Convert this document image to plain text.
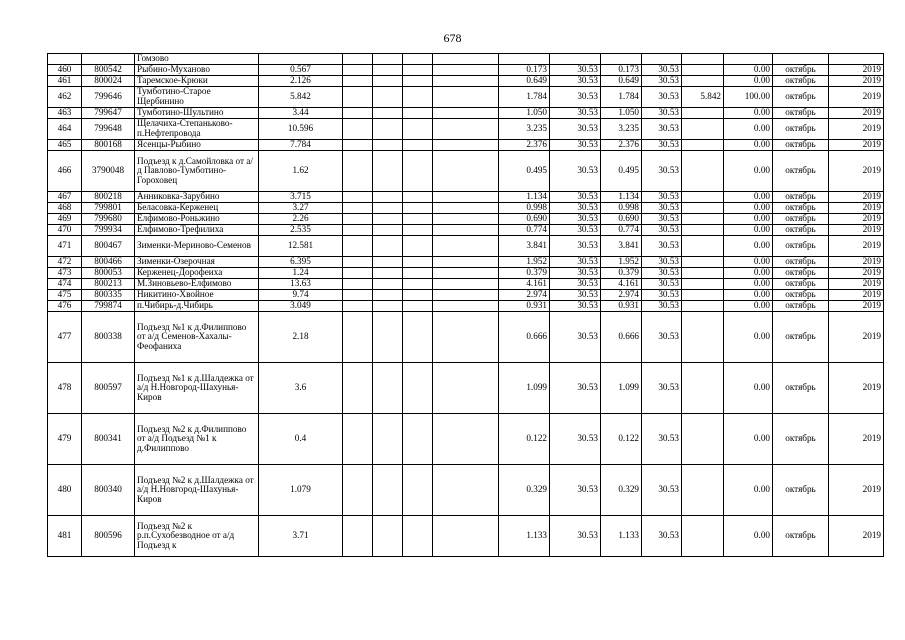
678
		Гомзово													
460	800542	Рыбино-Муханово	0.567					0.173	30.53	0.173	30.53		0.00	октябрь	2019
461	800024	Таремское-Крюки	2.126					0.649	30.53	0.649	30.53		0.00	октябрь	2019
462	799646	Тумботино-Старое Щербинино	5.842					1.784	30.53	1.784	30.53	5.842	100.00	октябрь	2019
463	799647	Тумботино-Шультино	3.44					1.050	30.53	1.050	30.53		0.00	октябрь	2019
464	799648	Щелачиха-Степаньково-п.Нефтепровода	10.596					3.235	30.53	3.235	30.53		0.00	октябрь	2019
465	800168	Ясенцы-Рыбино	7.784					2.376	30.53	2.376	30.53		0.00	октябрь	2019
466	3790048	Подъезд к д.Самойловка от а/д Павлово-Тумботино-Гороховец	1.62					0.495	30.53	0.495	30.53		0.00	октябрь	2019
467	800218	Анниковка-Зарубино	3.715					1.134	30.53	1.134	30.53		0.00	октябрь	2019
468	799801	Беласовка-Керженец	3.27					0.998	30.53	0.998	30.53		0.00	октябрь	2019
469	799680	Елфимово-Роньжино	2.26					0.690	30.53	0.690	30.53		0.00	октябрь	2019
470	799934	Елфимово-Трефилиха	2.535					0.774	30.53	0.774	30.53		0.00	октябрь	2019
471	800467	Зименки-Мериново-Семенов	12.581					3.841	30.53	3.841	30.53		0.00	октябрь	2019
472	800466	Зименки-Озерочная	6.395					1.952	30.53	1.952	30.53		0.00	октябрь	2019
473	800053	Керженец-Дорофеиха	1.24					0.379	30.53	0.379	30.53		0.00	октябрь	2019
474	800213	М.Зиновьево-Елфимово	13.63					4.161	30.53	4.161	30.53		0.00	октябрь	2019
475	800335	Никитино-Хвойное	9.74					2.974	30.53	2.974	30.53		0.00	октябрь	2019
476	799874	п.Чибирь-д.Чибирь	3.049					0.931	30.53	0.931	30.53		0.00	октябрь	2019
477	800338	Подъезд №1 к д.Филиппово от а/д Семенов-Хахалы-Феофаниха	2.18					0.666	30.53	0.666	30.53		0.00	октябрь	2019
478	800597	Подъезд №1 к д.Шалдежка от а/д Н.Новгород-Шахунья-Киров	3.6					1.099	30.53	1.099	30.53		0.00	октябрь	2019
479	800341	Подъезд №2 к д.Филиппово от а/д Подъезд №1 к д.Филиппово	0.4					0.122	30.53	0.122	30.53		0.00	октябрь	2019
480	800340	Подъезд №2 к д.Шалдежка от а/д Н.Новгород-Шахунья-Киров	1.079					0.329	30.53	0.329	30.53		0.00	октябрь	2019
481	800596	Подъезд №2 к р.п.Сухобезводное от а/д Подъезд к	3.71					1.133	30.53	1.133	30.53		0.00	октябрь	2019
